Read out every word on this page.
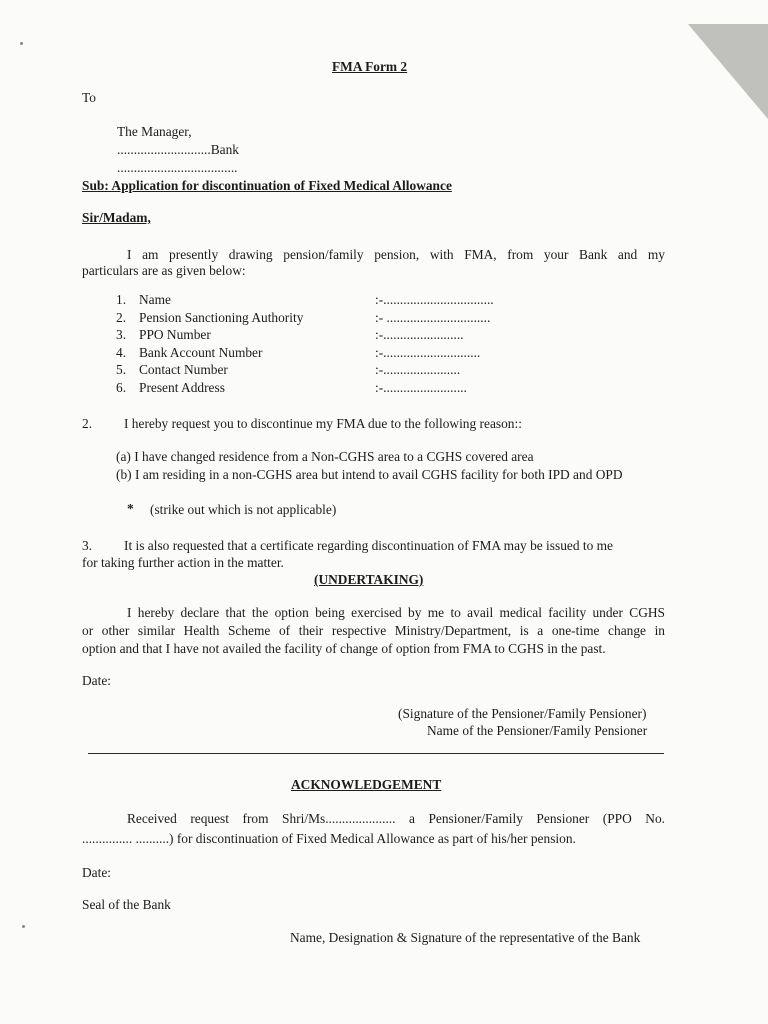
FMA Form 2
To
The Manager,
............................Bank
....................................
Sub: Application for discontinuation of Fixed Medical Allowance
Sir/Madam,
I am presently drawing pension/family pension, with FMA, from your Bank and my
particulars are as given below:
1. Name	:-.................................
2. Pension Sanctioning Authority	:- ...............................
3. PPO Number	:-........................
4. Bank Account Number	:-.............................
5. Contact Number	:-.......................
6. Present Address	:-.........................
2. I hereby request you to discontinue my FMA due to the following reason::
(a) I have changed residence from a Non-CGHS area to a CGHS covered area
(b) I am residing in a non-CGHS area but intend to avail CGHS facility for both IPD and OPD
* (strike out which is not applicable)
3. It is also requested that a certificate regarding discontinuation of FMA may be issued to me
for taking further action in the matter.
(UNDERTAKING)
I hereby declare that the option being exercised by me to avail medical facility under CGHS
or other similar Health Scheme of their respective Ministry/Department, is a one-time change in
option and that I have not availed the facility of change of option from FMA to CGHS in the past.
Date:
(Signature of the Pensioner/Family Pensioner)
Name of the Pensioner/Family Pensioner
ACKNOWLEDGEMENT
Received request from Shri/Ms..................... a Pensioner/Family Pensioner (PPO No.
............... ..........) for discontinuation of Fixed Medical Allowance as part of his/her pension.
Date:
Seal of the Bank
Name, Designation & Signature of the representative of the Bank
